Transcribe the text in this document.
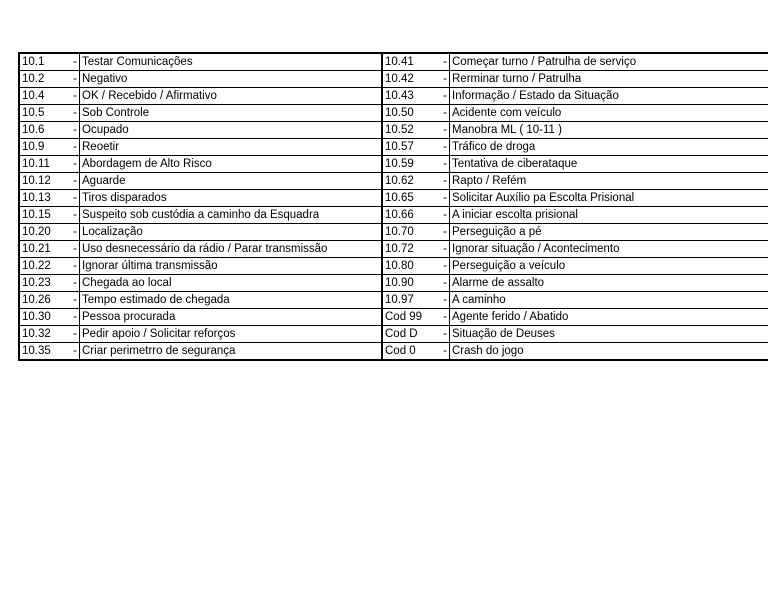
10.1	-	Testar Comunicações	10.41	-	Começar turno / Patrulha de serviço
10.2	-	Negativo	10.42	-	Rerminar turno / Patrulha
10.4	-	OK / Recebido / Afirmativo	10.43	-	Informação / Estado da Situação
10.5	-	Sob Controle	10.50	-	Acidente com veículo
10.6	-	Ocupado	10.52	-	Manobra ML ( 10-11 )
10.9	-	Reoetir	10.57	-	Tráfico de droga
10.11	-	Abordagem de Alto Risco	10.59	-	Tentativa de ciberataque
10.12	-	Aguarde	10.62	-	Rapto / Refém
10.13	-	Tiros disparados	10.65	-	Solicitar Auxílio pa Escolta Prisional
10.15	-	Suspeito sob custódia a caminho da Esquadra	10.66	-	A iniciar escolta prisional
10.20	-	Localização	10.70	-	Perseguição a pé
10.21	-	Uso desnecessário da rádio / Parar transmissão	10.72	-	Ignorar situação / Acontecimento
10.22	-	Ignorar última transmissão	10.80	-	Perseguição a veículo
10.23	-	Chegada ao local	10.90	-	Alarme de assalto
10.26	-	Tempo estimado de chegada	10.97	-	A caminho
10.30	-	Pessoa procurada	Cod 99	-	Agente ferido / Abatido
10.32	-	Pedir apoio / Solicitar reforços	Cod D	-	Situação de Deuses
10.35	-	Criar perimetrro de segurança	Cod 0	-	Crash do jogo
